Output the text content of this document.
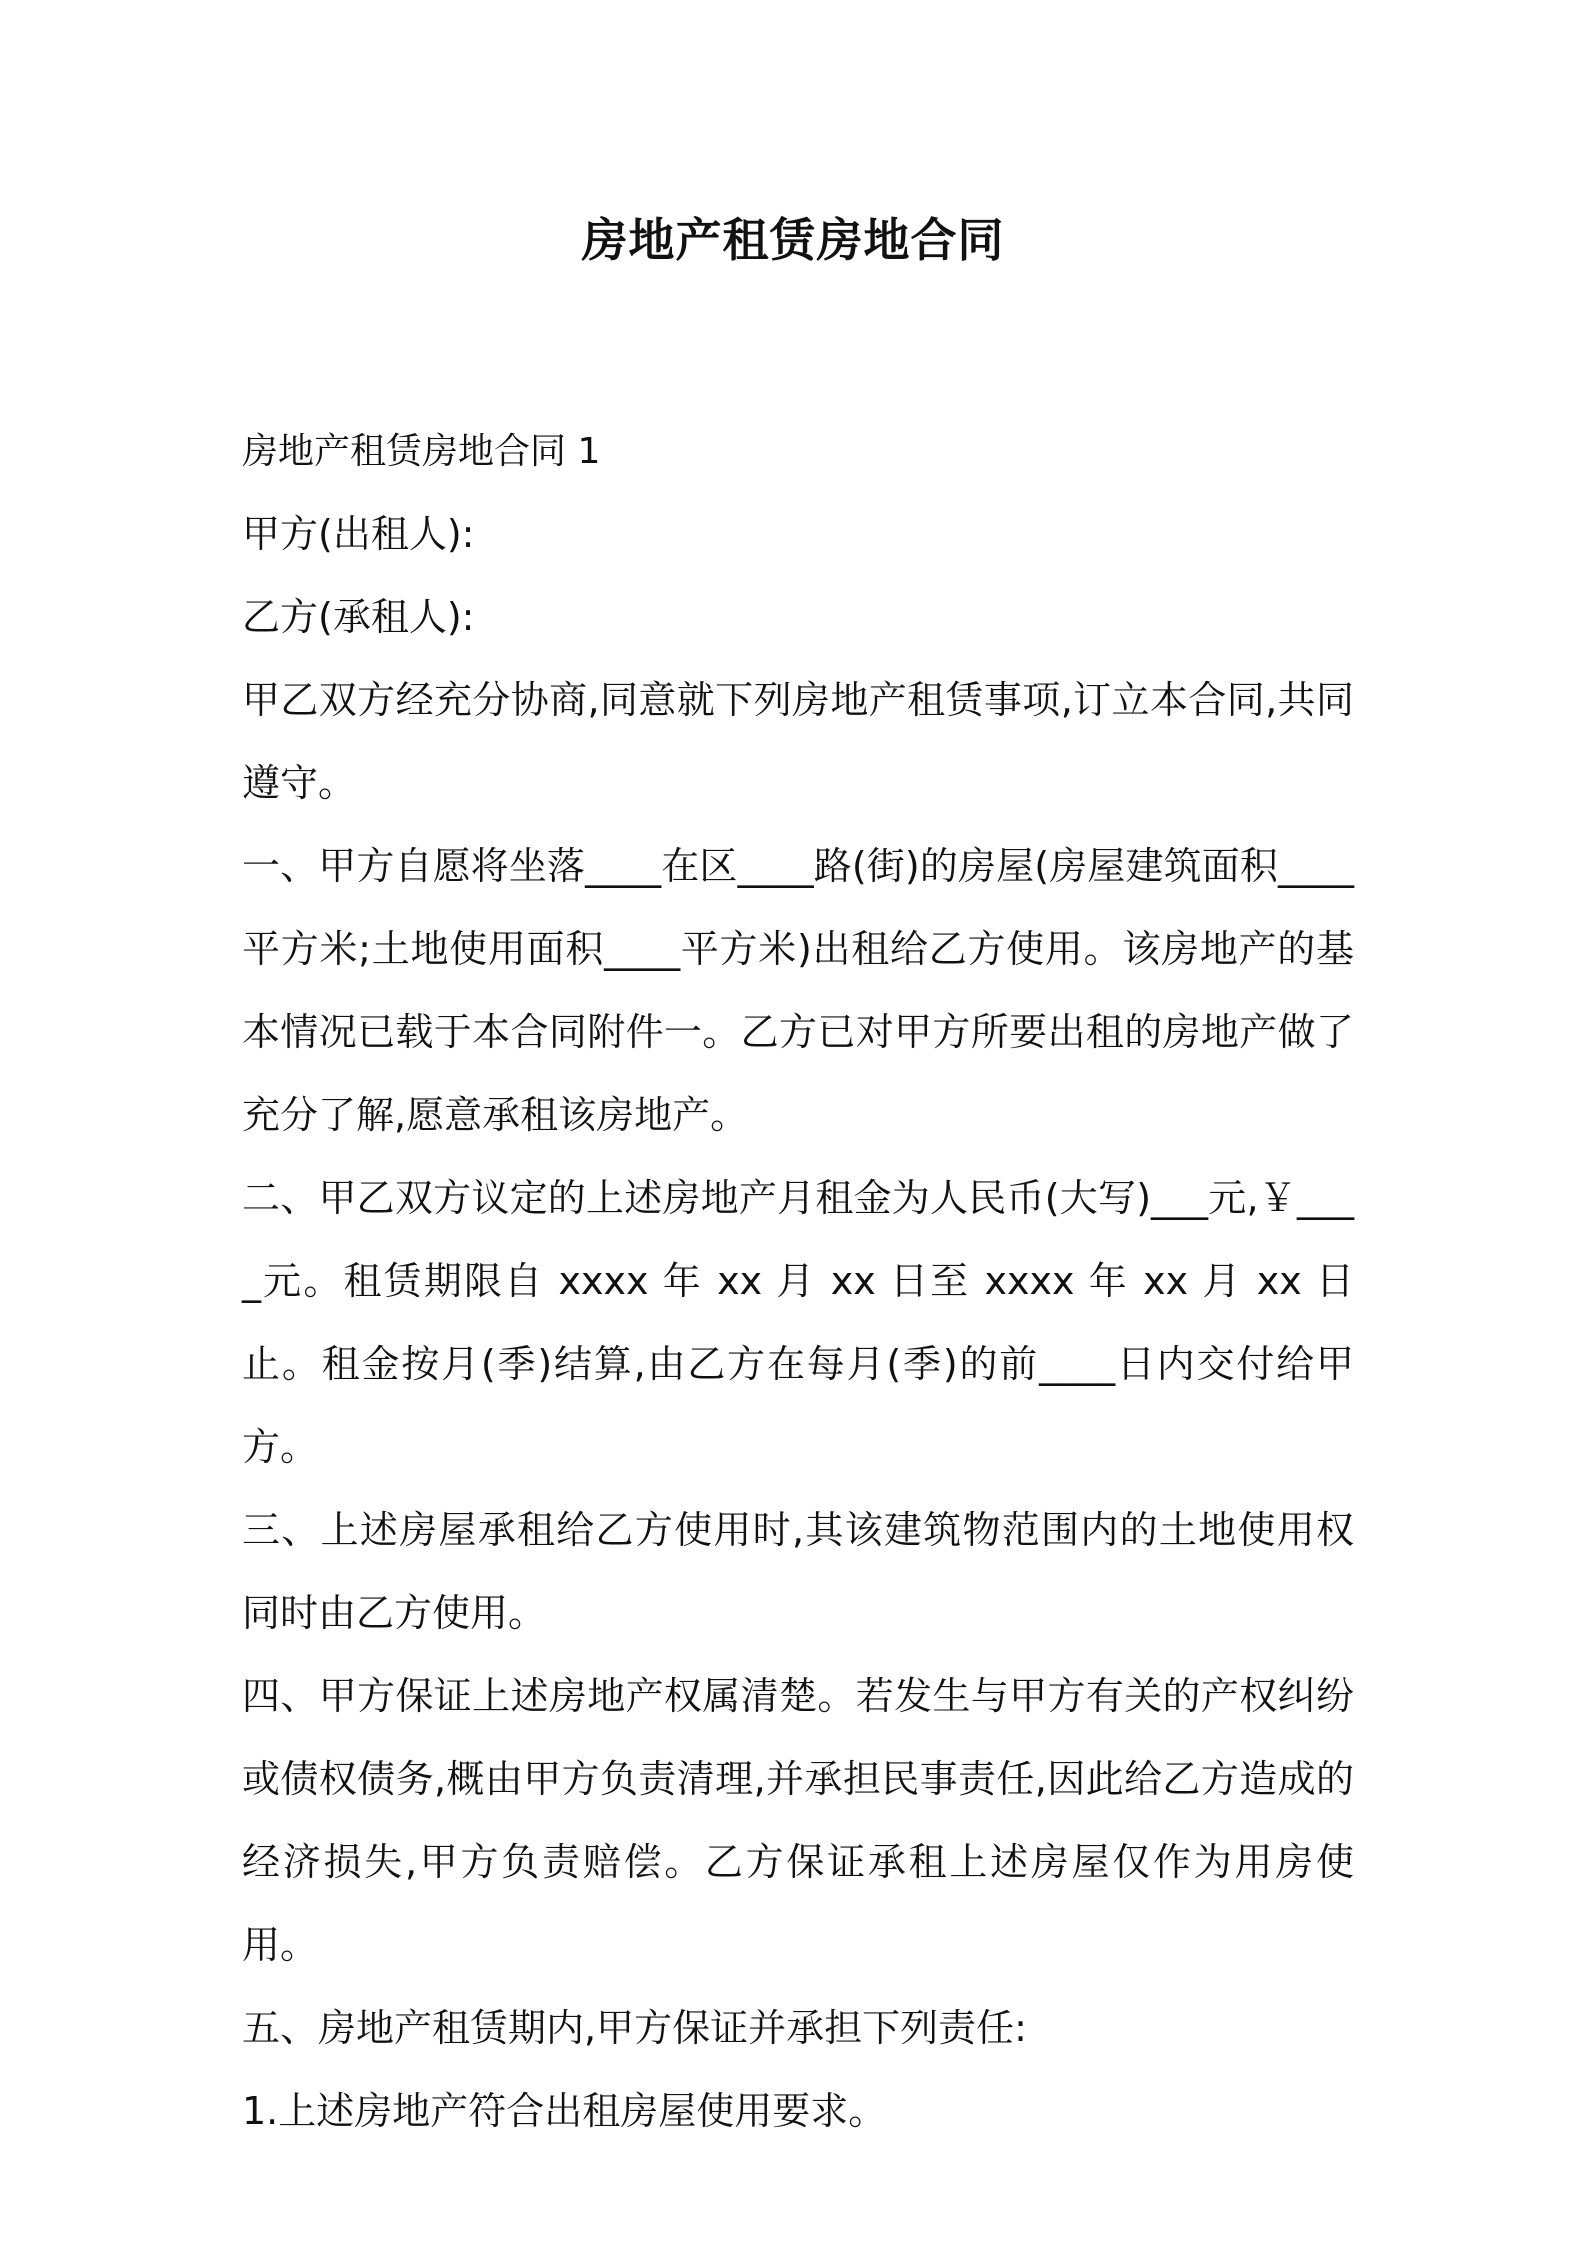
房地产租赁房地合同

房地产租赁房地合同 1

甲方(出租人):

乙方(承租人):

甲乙双方经充分协商,同意就下列房地产租赁事项,订立本合同,共同遵守。

一、甲方自愿将坐落____在区____路(街)的房屋(房屋建筑面积____平方米;土地使用面积____平方米)出租给乙方使用。该房地产的基本情况已载于本合同附件一。乙方已对甲方所要出租的房地产做了充分了解,愿意承租该房地产。

二、甲乙双方议定的上述房地产月租金为人民币(大写)___元,￥____元。租赁期限自 xxxx 年 xx 月 xx 日至 xxxx 年 xx 月 xx 日止。租金按月(季)结算,由乙方在每月(季)的前____日内交付给甲方。

三、上述房屋承租给乙方使用时,其该建筑物范围内的土地使用权同时由乙方使用。

四、甲方保证上述房地产权属清楚。若发生与甲方有关的产权纠纷或债权债务,概由甲方负责清理,并承担民事责任,因此给乙方造成的经济损失,甲方负责赔偿。乙方保证承租上述房屋仅作为用房使用。

五、房地产租赁期内,甲方保证并承担下列责任:

1.上述房地产符合出租房屋使用要求。
